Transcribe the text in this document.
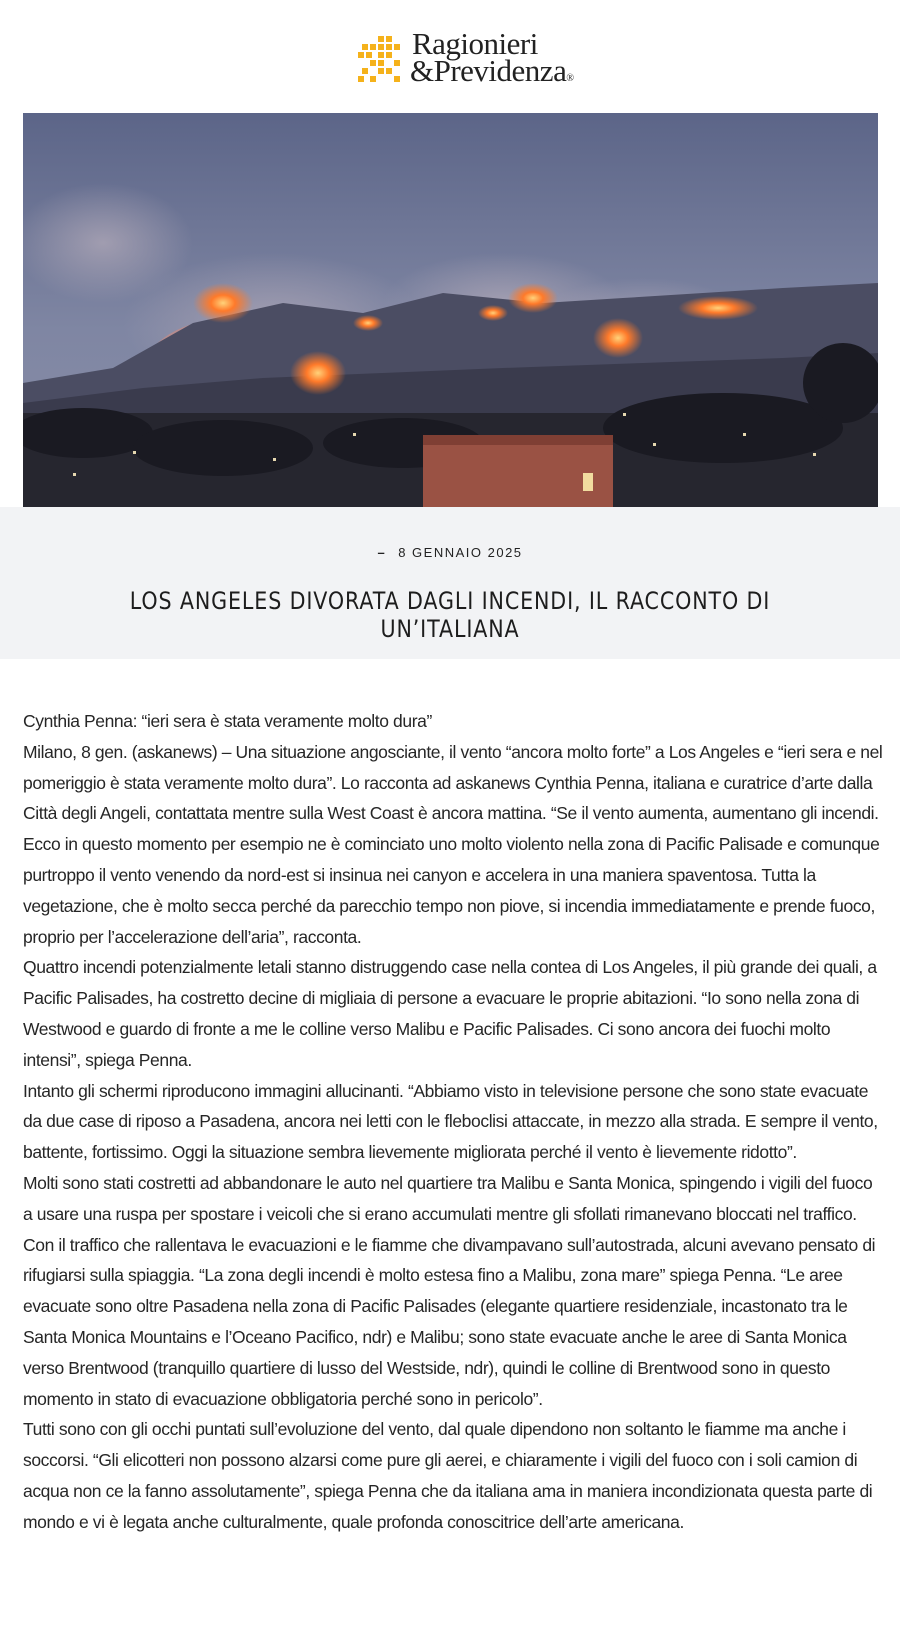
Ragionieri
&Previdenza®
– 8 GENNAIO 2025
LOS ANGELES DIVORATA DAGLI INCENDI, IL RACCONTO DI UN’ITALIANA

Cynthia Penna: “ieri sera è stata veramente molto dura”

Milano, 8 gen. (askanews) – Una situazione angosciante, il vento “ancora molto forte” a Los Angeles e “ieri sera e nel pomeriggio è stata veramente molto dura”. Lo racconta ad askanews Cynthia Penna, italiana e curatrice d’arte dalla Città degli Angeli, contattata mentre sulla West Coast è ancora mattina. “Se il vento aumenta, aumentano gli incendi. Ecco in questo momento per esempio ne è cominciato uno molto violento nella zona di Pacific Palisade e comunque purtroppo il vento venendo da nord-est si insinua nei canyon e accelera in una maniera spaventosa. Tutta la vegetazione, che è molto secca perché da parecchio tempo non piove, si incendia immediatamente e prende fuoco, proprio per l’accelerazione dell’aria”, racconta.

Quattro incendi potenzialmente letali stanno distruggendo case nella contea di Los Angeles, il più grande dei quali, a Pacific Palisades, ha costretto decine di migliaia di persone a evacuare le proprie abitazioni. “Io sono nella zona di Westwood e guardo di fronte a me le colline verso Malibu e Pacific Palisades. Ci sono ancora dei fuochi molto intensi”, spiega Penna.

Intanto gli schermi riproducono immagini allucinanti. “Abbiamo visto in televisione persone che sono state evacuate da due case di riposo a Pasadena, ancora nei letti con le fleboclisi attaccate, in mezzo alla strada. E sempre il vento, battente, fortissimo. Oggi la situazione sembra lievemente migliorata perché il vento è lievemente ridotto”.

Molti sono stati costretti ad abbandonare le auto nel quartiere tra Malibu e Santa Monica, spingendo i vigili del fuoco a usare una ruspa per spostare i veicoli che si erano accumulati mentre gli sfollati rimanevano bloccati nel traffico. Con il traffico che rallentava le evacuazioni e le fiamme che divampavano sull’autostrada, alcuni avevano pensato di rifugiarsi sulla spiaggia. “La zona degli incendi è molto estesa fino a Malibu, zona mare” spiega Penna. “Le aree evacuate sono oltre Pasadena nella zona di Pacific Palisades (elegante quartiere residenziale, incastonato tra le Santa Monica Mountains e l’Oceano Pacifico, ndr) e Malibu; sono state evacuate anche le aree di Santa Monica verso Brentwood (tranquillo quartiere di lusso del Westside, ndr), quindi le colline di Brentwood sono in questo momento in stato di evacuazione obbligatoria perché sono in pericolo”.

Tutti sono con gli occhi puntati sull’evoluzione del vento, dal quale dipendono non soltanto le fiamme ma anche i soccorsi. “Gli elicotteri non possono alzarsi come pure gli aerei, e chiaramente i vigili del fuoco con i soli camion di acqua non ce la fanno assolutamente”, spiega Penna che da italiana ama in maniera incondizionata questa parte di mondo e vi è legata anche culturalmente, quale profonda conoscitrice dell’arte americana.
